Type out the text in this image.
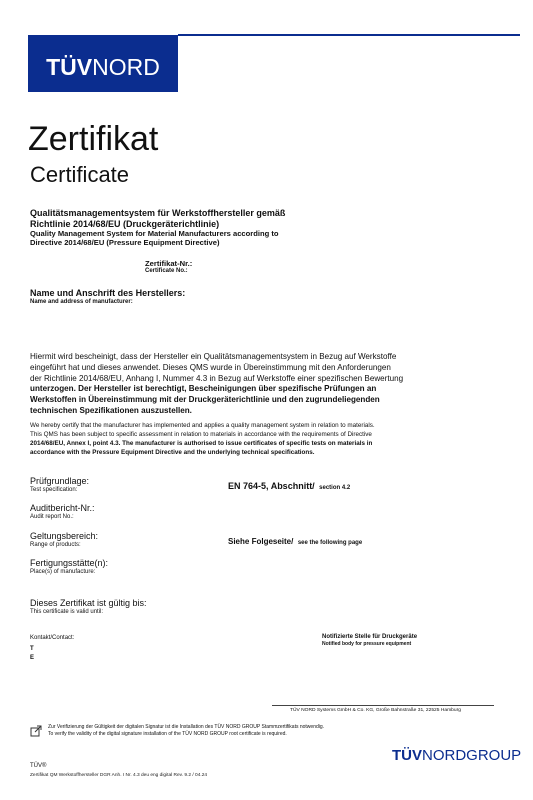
TÜVNORD
Zertifikat
Certificate
Qualitätsmanagementsystem für Werkstoffhersteller gemäß
Richtlinie 2014/68/EU (Druckgeräterichtlinie)
Quality Management System for Material Manufacturers according to
Directive 2014/68/EU (Pressure Equipment Directive)
Zertifikat-Nr.:
Certificate No.:
Name und Anschrift des Herstellers:
Name and address of manufacturer:
Hiermit wird bescheinigt, dass der Hersteller ein Qualitätsmanagementsystem in Bezug auf Werkstoffe
eingeführt hat und dieses anwendet. Dieses QMS wurde in Übereinstimmung mit den Anforderungen
der Richtlinie 2014/68/EU, Anhang I, Nummer 4.3 in Bezug auf Werkstoffe einer spezifischen Bewertung
unterzogen. Der Hersteller ist berechtigt, Bescheinigungen über spezifische Prüfungen an
Werkstoffen in Übereinstimmung mit der Druckgeräterichtlinie und den zugrundeliegenden
technischen Spezifikationen auszustellen.
We hereby certify that the manufacturer has implemented and applies a quality management system in relation to materials.
This QMS has been subject to specific assessment in relation to materials in accordance with the requirements of Directive
2014/68/EU, Annex I, point 4.3. The manufacturer is authorised to issue certificates of specific tests on materials in
accordance with the Pressure Equipment Directive and the underlying technical specifications.
Prüfgrundlage:
Test specification:	EN 764-5, Abschnitt/ section 4.2
Auditbericht-Nr.:
Audit report No.:
Geltungsbereich:
Range of products:	Siehe Folgeseite/ see the following page
Fertigungsstätte(n):
Place(s) of manufacture:
Dieses Zertifikat ist gültig bis:
This certificate is valid until:
Kontakt/Contact:
T
E
Notifizierte Stelle für Druckgeräte
Notified body for pressure equipment
TÜV NORD Systems GmbH & Co. KG, Große Bahnstraße 31, 22525 Hamburg
Zur Verifizierung der Gültigkeit der digitalen Signatur ist die Installation des TÜV NORD GROUP Stammzertifikats notwendig.
To verify the validity of the digital signature installation of the TÜV NORD GROUP root certificate is required.
TÜVNORDGROUP
TÜV®
Zertifikat QM Werkstoffhersteller DGR Anh. I Nr. 4.3 deu eng digital Rev. 9.2 / 04.24
